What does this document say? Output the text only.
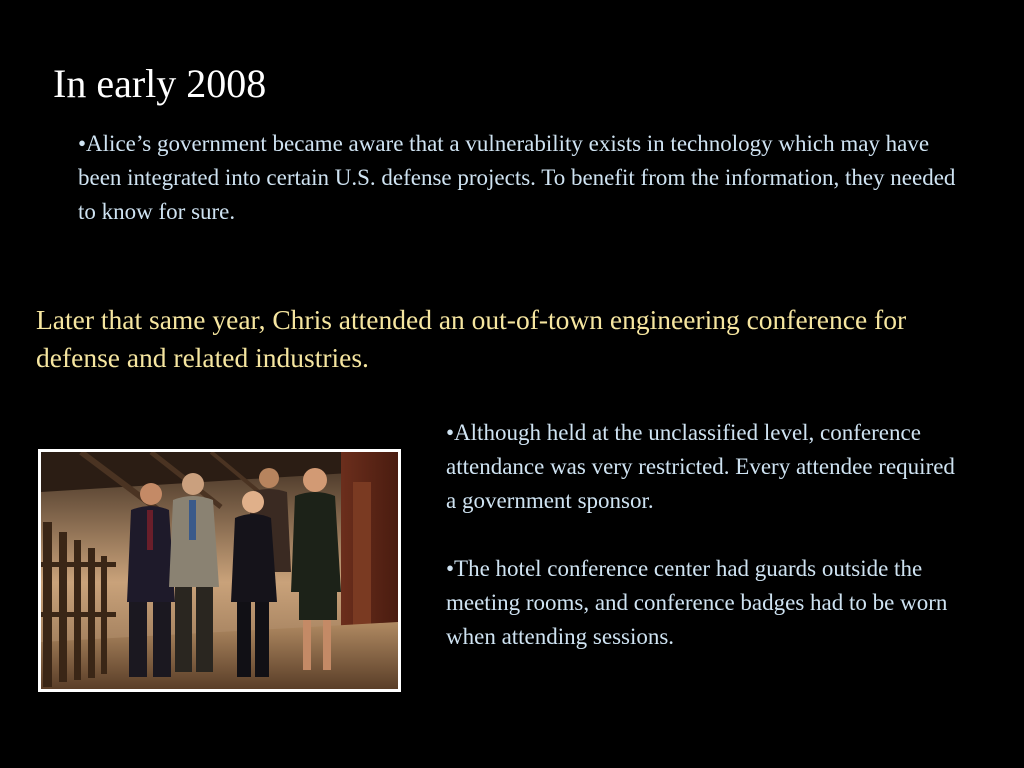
In early 2008

•Alice’s government became aware that a vulnerability exists in technology which may have been integrated into certain U.S. defense projects. To benefit from the information, they needed to know for sure.

Later that same year, Chris attended an out-of-town engineering conference for defense and related industries.

•Although held at the unclassified level, conference attendance was very restricted. Every attendee required a government sponsor.

•The hotel conference center had guards outside the meeting rooms, and conference badges had to be worn when attending sessions.
